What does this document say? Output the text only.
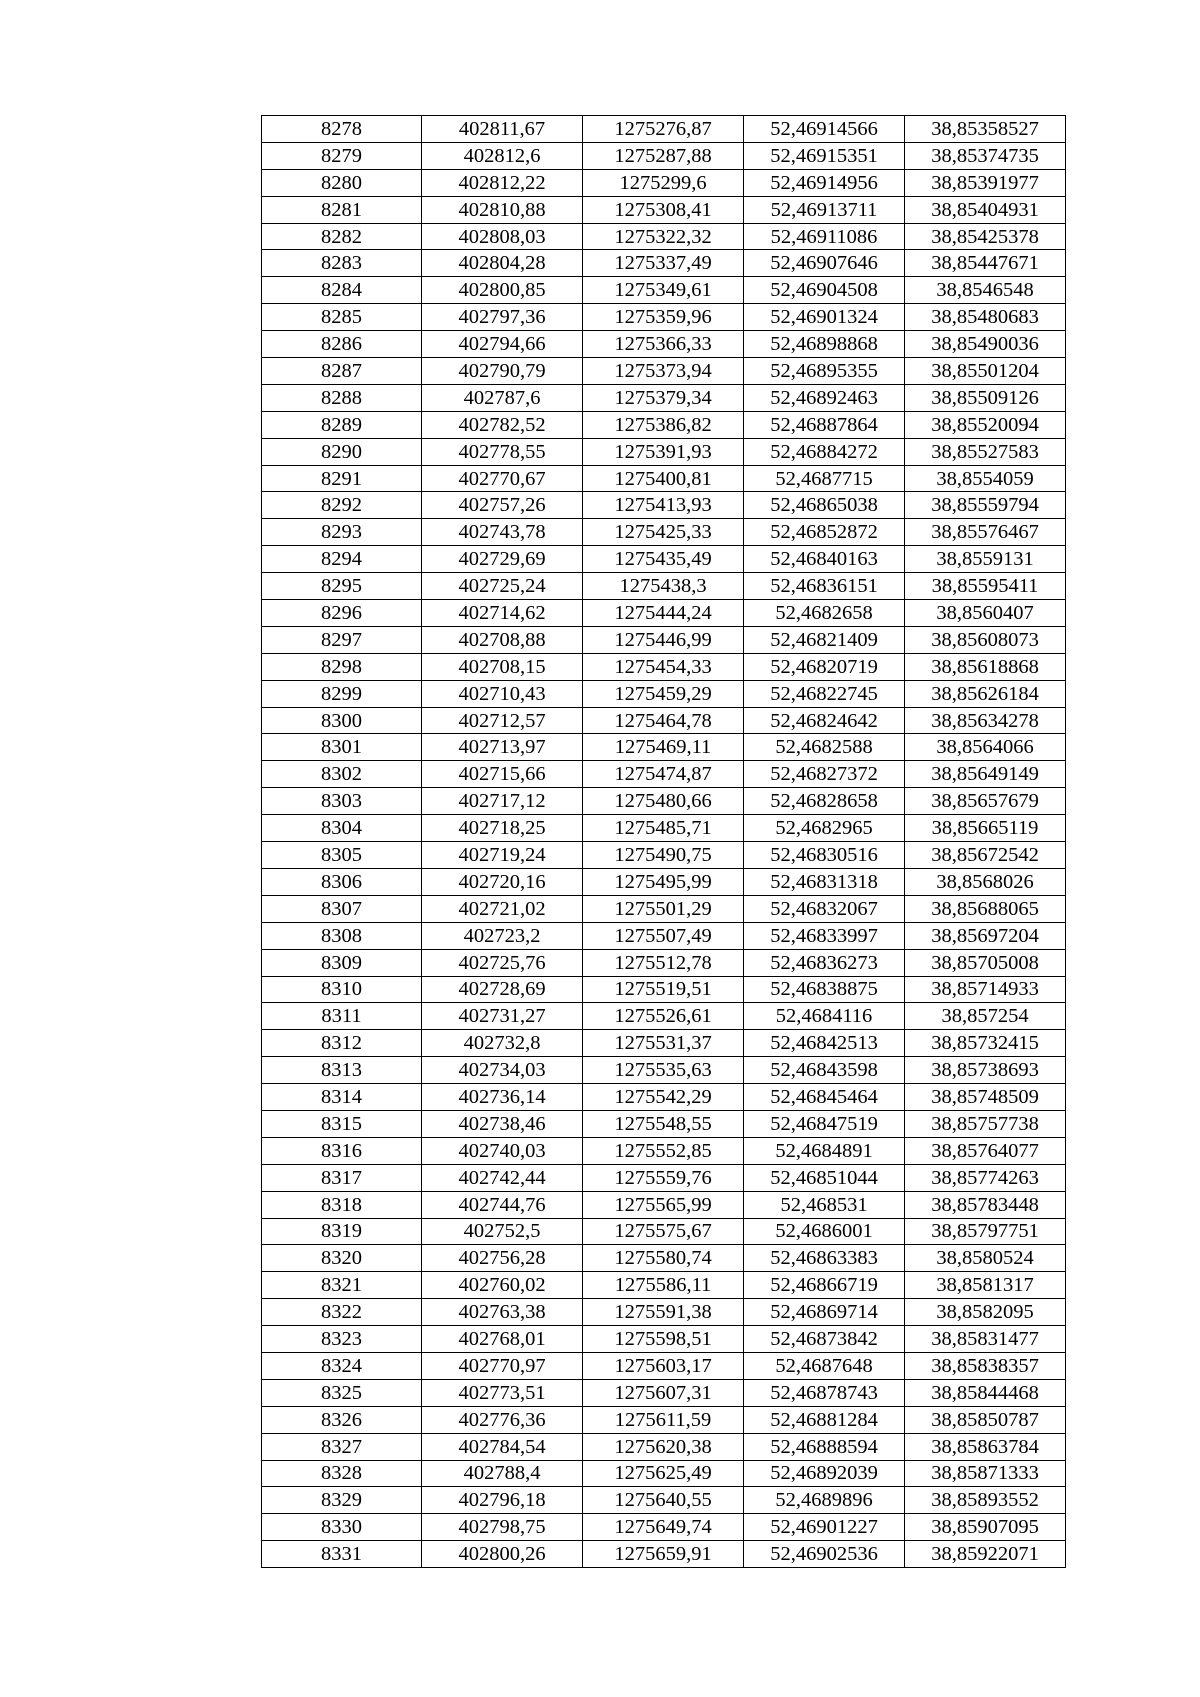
8278	402811,67	1275276,87	52,46914566	38,85358527
8279	402812,6	1275287,88	52,46915351	38,85374735
8280	402812,22	1275299,6	52,46914956	38,85391977
8281	402810,88	1275308,41	52,46913711	38,85404931
8282	402808,03	1275322,32	52,46911086	38,85425378
8283	402804,28	1275337,49	52,46907646	38,85447671
8284	402800,85	1275349,61	52,46904508	38,8546548
8285	402797,36	1275359,96	52,46901324	38,85480683
8286	402794,66	1275366,33	52,46898868	38,85490036
8287	402790,79	1275373,94	52,46895355	38,85501204
8288	402787,6	1275379,34	52,46892463	38,85509126
8289	402782,52	1275386,82	52,46887864	38,85520094
8290	402778,55	1275391,93	52,46884272	38,85527583
8291	402770,67	1275400,81	52,4687715	38,8554059
8292	402757,26	1275413,93	52,46865038	38,85559794
8293	402743,78	1275425,33	52,46852872	38,85576467
8294	402729,69	1275435,49	52,46840163	38,8559131
8295	402725,24	1275438,3	52,46836151	38,85595411
8296	402714,62	1275444,24	52,4682658	38,8560407
8297	402708,88	1275446,99	52,46821409	38,85608073
8298	402708,15	1275454,33	52,46820719	38,85618868
8299	402710,43	1275459,29	52,46822745	38,85626184
8300	402712,57	1275464,78	52,46824642	38,85634278
8301	402713,97	1275469,11	52,4682588	38,8564066
8302	402715,66	1275474,87	52,46827372	38,85649149
8303	402717,12	1275480,66	52,46828658	38,85657679
8304	402718,25	1275485,71	52,4682965	38,85665119
8305	402719,24	1275490,75	52,46830516	38,85672542
8306	402720,16	1275495,99	52,46831318	38,8568026
8307	402721,02	1275501,29	52,46832067	38,85688065
8308	402723,2	1275507,49	52,46833997	38,85697204
8309	402725,76	1275512,78	52,46836273	38,85705008
8310	402728,69	1275519,51	52,46838875	38,85714933
8311	402731,27	1275526,61	52,4684116	38,857254
8312	402732,8	1275531,37	52,46842513	38,85732415
8313	402734,03	1275535,63	52,46843598	38,85738693
8314	402736,14	1275542,29	52,46845464	38,85748509
8315	402738,46	1275548,55	52,46847519	38,85757738
8316	402740,03	1275552,85	52,4684891	38,85764077
8317	402742,44	1275559,76	52,46851044	38,85774263
8318	402744,76	1275565,99	52,468531	38,85783448
8319	402752,5	1275575,67	52,4686001	38,85797751
8320	402756,28	1275580,74	52,46863383	38,8580524
8321	402760,02	1275586,11	52,46866719	38,8581317
8322	402763,38	1275591,38	52,46869714	38,8582095
8323	402768,01	1275598,51	52,46873842	38,85831477
8324	402770,97	1275603,17	52,4687648	38,85838357
8325	402773,51	1275607,31	52,46878743	38,85844468
8326	402776,36	1275611,59	52,46881284	38,85850787
8327	402784,54	1275620,38	52,46888594	38,85863784
8328	402788,4	1275625,49	52,46892039	38,85871333
8329	402796,18	1275640,55	52,4689896	38,85893552
8330	402798,75	1275649,74	52,46901227	38,85907095
8331	402800,26	1275659,91	52,46902536	38,85922071
